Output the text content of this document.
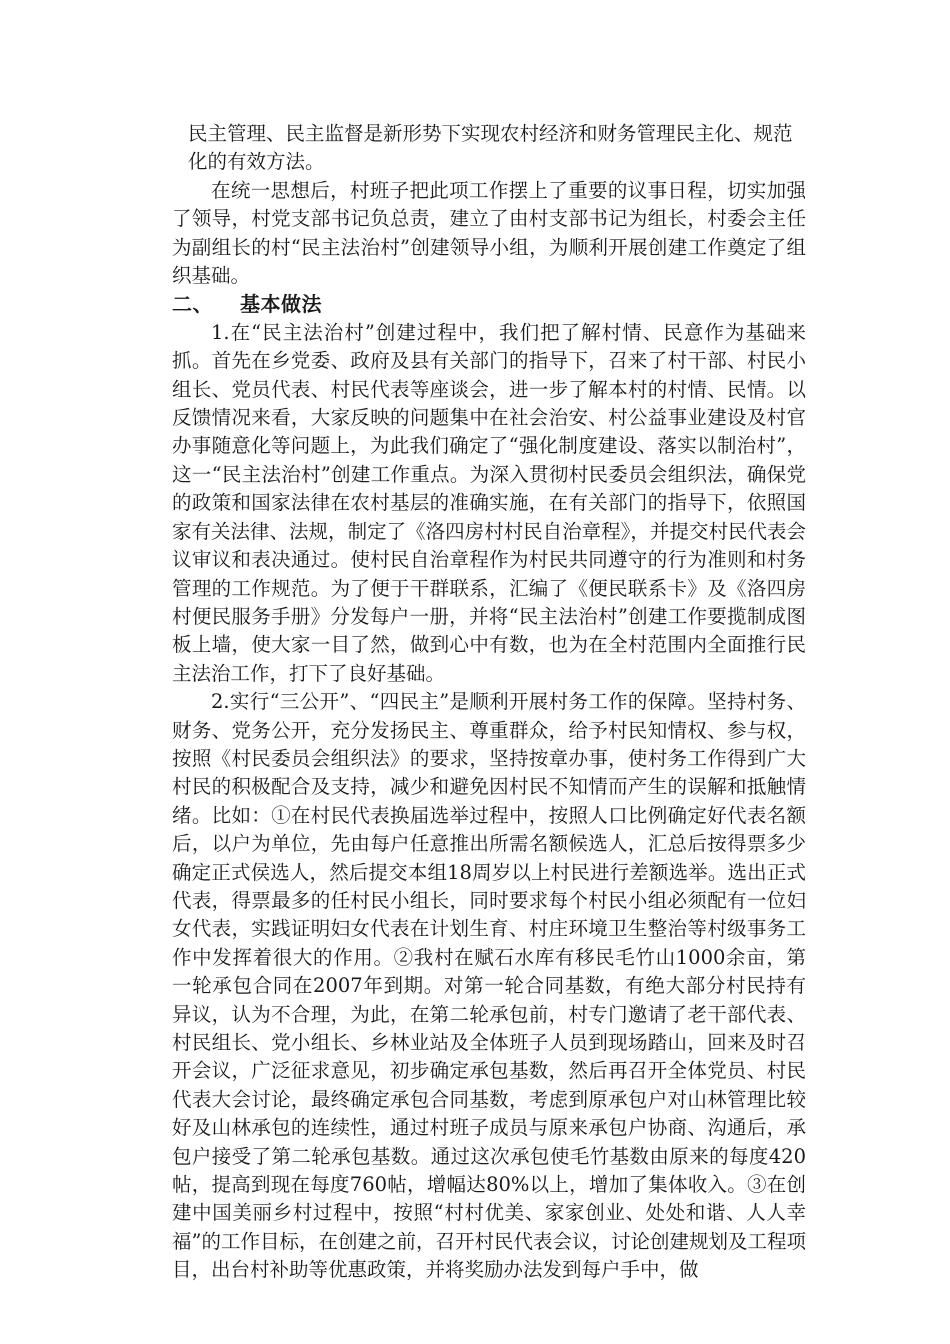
民主管理、民主监督是新形势下实现农村经济和财务管理民主化、规范化的有效方法。

在统一思想后，村班子把此项工作摆上了重要的议事日程，切实加强了领导，村党支部书记负总责，建立了由村支部书记为组长，村委会主任为副组长的村“民主法治村”创建领导小组，为顺利开展创建工作奠定了组织基础。

二、 基本做法

1.在“民主法治村”创建过程中，我们把了解村情、民意作为基础来抓。首先在乡党委、政府及县有关部门的指导下，召来了村干部、村民小组长、党员代表、村民代表等座谈会，进一步了解本村的村情、民情。以反馈情况来看，大家反映的问题集中在社会治安、村公益事业建设及村官办事随意化等问题上，为此我们确定了“强化制度建设、落实以制治村”，这一“民主法治村”创建工作重点。为深入贯彻村民委员会组织法，确保党的政策和国家法律在农村基层的准确实施，在有关部门的指导下，依照国家有关法律、法规，制定了《洛四房村村民自治章程》，并提交村民代表会议审议和表决通过。使村民自治章程作为村民共同遵守的行为准则和村务管理的工作规范。为了便于干群联系，汇编了《便民联系卡》及《洛四房村便民服务手册》分发每户一册，并将“民主法治村”创建工作要揽制成图板上墙，使大家一目了然，做到心中有数，也为在全村范围内全面推行民主法治工作，打下了良好基础。

2.实行“三公开”、“四民主”是顺利开展村务工作的保障。坚持村务、财务、党务公开，充分发扬民主、尊重群众，给予村民知情权、参与权，按照《村民委员会组织法》的要求，坚持按章办事，使村务工作得到广大村民的积极配合及支持，减少和避免因村民不知情而产生的误解和抵触情绪。比如：①在村民代表换届选举过程中，按照人口比例确定好代表名额后，以户为单位，先由每户任意推出所需名额候选人，汇总后按得票多少确定正式侯选人，然后提交本组18周岁以上村民进行差额选举。选出正式代表，得票最多的任村民小组长，同时要求每个村民小组必须配有一位妇女代表，实践证明妇女代表在计划生育、村庄环境卫生整治等村级事务工作中发挥着很大的作用。②我村在赋石水库有移民毛竹山1000余亩，第一轮承包合同在2007年到期。对第一轮合同基数，有绝大部分村民持有异议，认为不合理，为此，在第二轮承包前，村专门邀请了老干部代表、村民组长、党小组长、乡林业站及全体班子人员到现场踏山，回来及时召开会议，广泛征求意见，初步确定承包基数，然后再召开全体党员、村民代表大会讨论，最终确定承包合同基数，考虑到原承包户对山林管理比较好及山林承包的连续性，通过村班子成员与原来承包户协商、沟通后，承包户接受了第二轮承包基数。通过这次承包使毛竹基数由原来的每度420帖，提高到现在每度760帖，增幅达80%以上，增加了集体收入。③在创建中国美丽乡村过程中，按照“村村优美、家家创业、处处和谐、人人幸福”的工作目标，在创建之前，召开村民代表会议，讨论创建规划及工程项目，出台村补助等优惠政策，并将奖励办法发到每户手中，做
